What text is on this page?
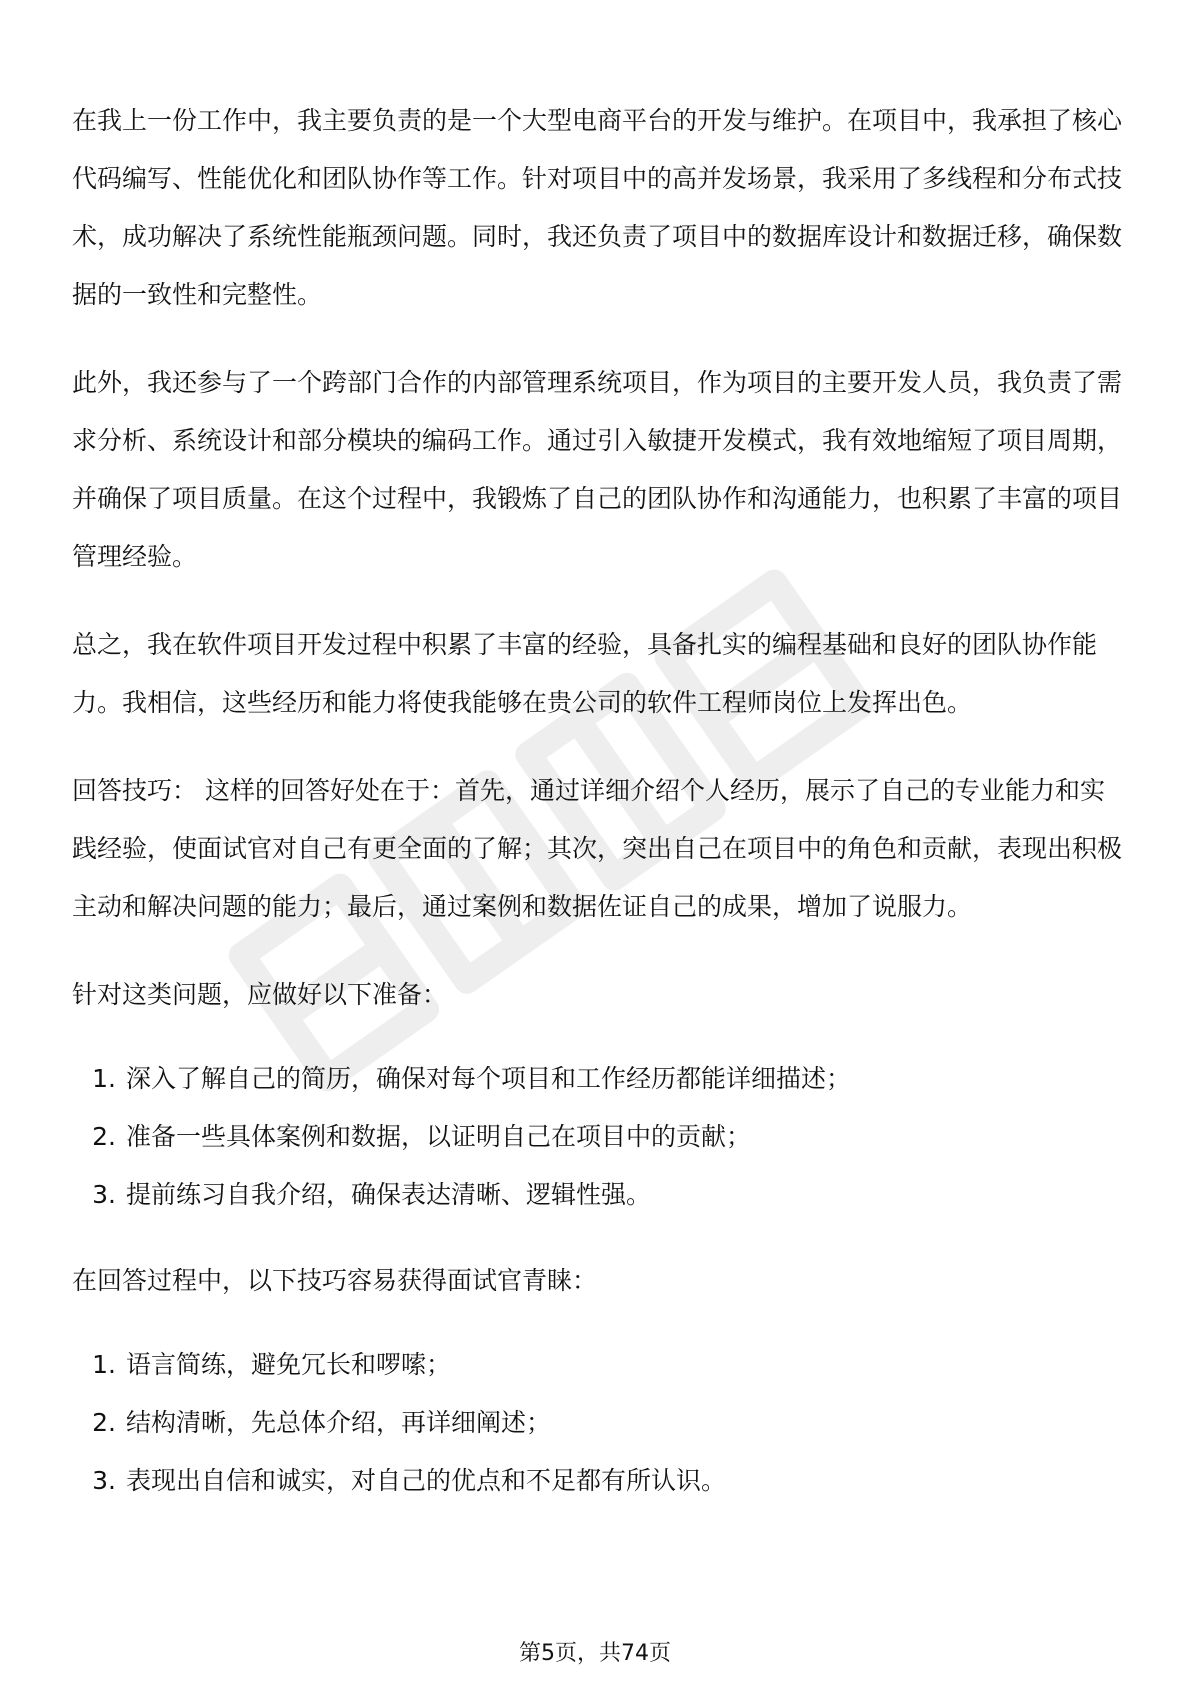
在我上一份工作中，我主要负责的是一个大型电商平台的开发与维护。在项目中，我承担了核心代码编写、性能优化和团队协作等工作。针对项目中的高并发场景，我采用了多线程和分布式技术，成功解决了系统性能瓶颈问题。同时，我还负责了项目中的数据库设计和数据迁移，确保数据的一致性和完整性。

此外，我还参与了一个跨部门合作的内部管理系统项目，作为项目的主要开发人员，我负责了需求分析、系统设计和部分模块的编码工作。通过引入敏捷开发模式，我有效地缩短了项目周期，并确保了项目质量。在这个过程中，我锻炼了自己的团队协作和沟通能力，也积累了丰富的项目管理经验。

总之，我在软件项目开发过程中积累了丰富的经验，具备扎实的编程基础和良好的团队协作能力。我相信，这些经历和能力将使我能够在贵公司的软件工程师岗位上发挥出色。

回答技巧： 这样的回答好处在于：首先，通过详细介绍个人经历，展示了自己的专业能力和实践经验，使面试官对自己有更全面的了解；其次，突出自己在项目中的角色和贡献，表现出积极主动和解决问题的能力；最后，通过案例和数据佐证自己的成果，增加了说服力。

针对这类问题，应做好以下准备：

1. 深入了解自己的简历，确保对每个项目和工作经历都能详细描述；
2. 准备一些具体案例和数据，以证明自己在项目中的贡献；
3. 提前练习自我介绍，确保表达清晰、逻辑性强。

在回答过程中，以下技巧容易获得面试官青睐：

1. 语言简练，避免冗长和啰嗦；
2. 结构清晰，先总体介绍，再详细阐述；
3. 表现出自信和诚实，对自己的优点和不足都有所认识。
第5页，共74页
